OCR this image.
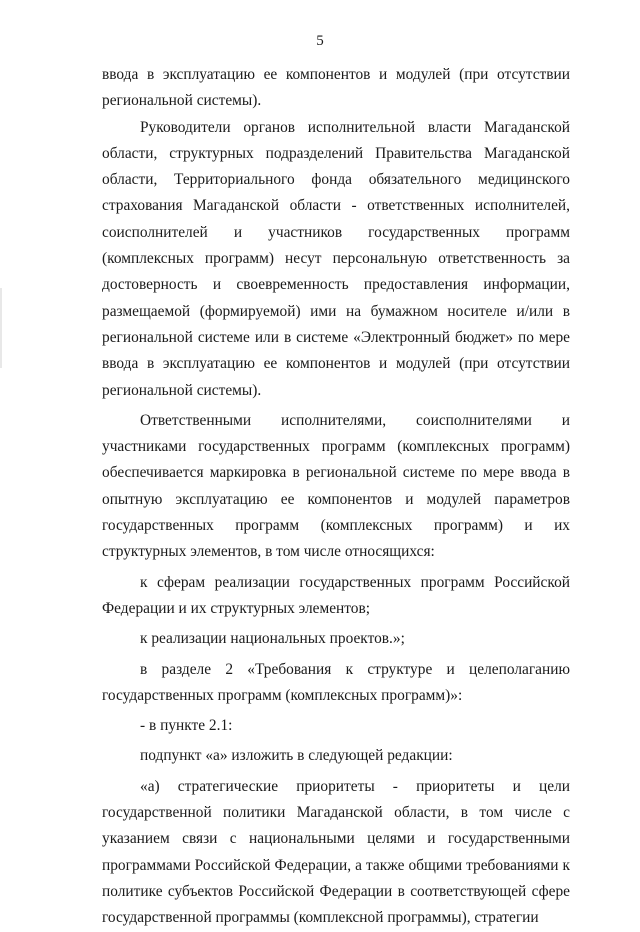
5

ввода в эксплуатацию ее компонентов и модулей (при отсутствии региональной системы).

Руководители органов исполнительной власти Магаданской области, структурных подразделений Правительства Магаданской области, Территориального фонда обязательного медицинского страхования Магаданской области - ответственных исполнителей, соисполнителей и участников государственных программ (комплексных программ) несут персональную ответственность за достоверность и своевременность предоставления информации, размещаемой (формируемой) ими на бумажном носителе и/или в региональной системе или в системе «Электронный бюджет» по мере ввода в эксплуатацию ее компонентов и модулей (при отсутствии региональной системы).

Ответственными исполнителями, соисполнителями и участниками государственных программ (комплексных программ) обеспечивается маркировка в региональной системе по мере ввода в опытную эксплуатацию ее компонентов и модулей параметров государственных программ (комплексных программ) и их структурных элементов, в том числе относящихся:

к сферам реализации государственных программ Российской Федерации и их структурных элементов;

к реализации национальных проектов.»;

в разделе 2 «Требования к структуре и целеполаганию государственных программ (комплексных программ)»:

- в пункте 2.1:

подпункт «а» изложить в следующей редакции:

«а) стратегические приоритеты - приоритеты и цели государственной политики Магаданской области, в том числе с указанием связи с национальными целями и государственными программами Российской Федерации, а также общими требованиями к политике субъектов Российской Федерации в соответствующей сфере государственной программы (комплексной программы), стратегии
